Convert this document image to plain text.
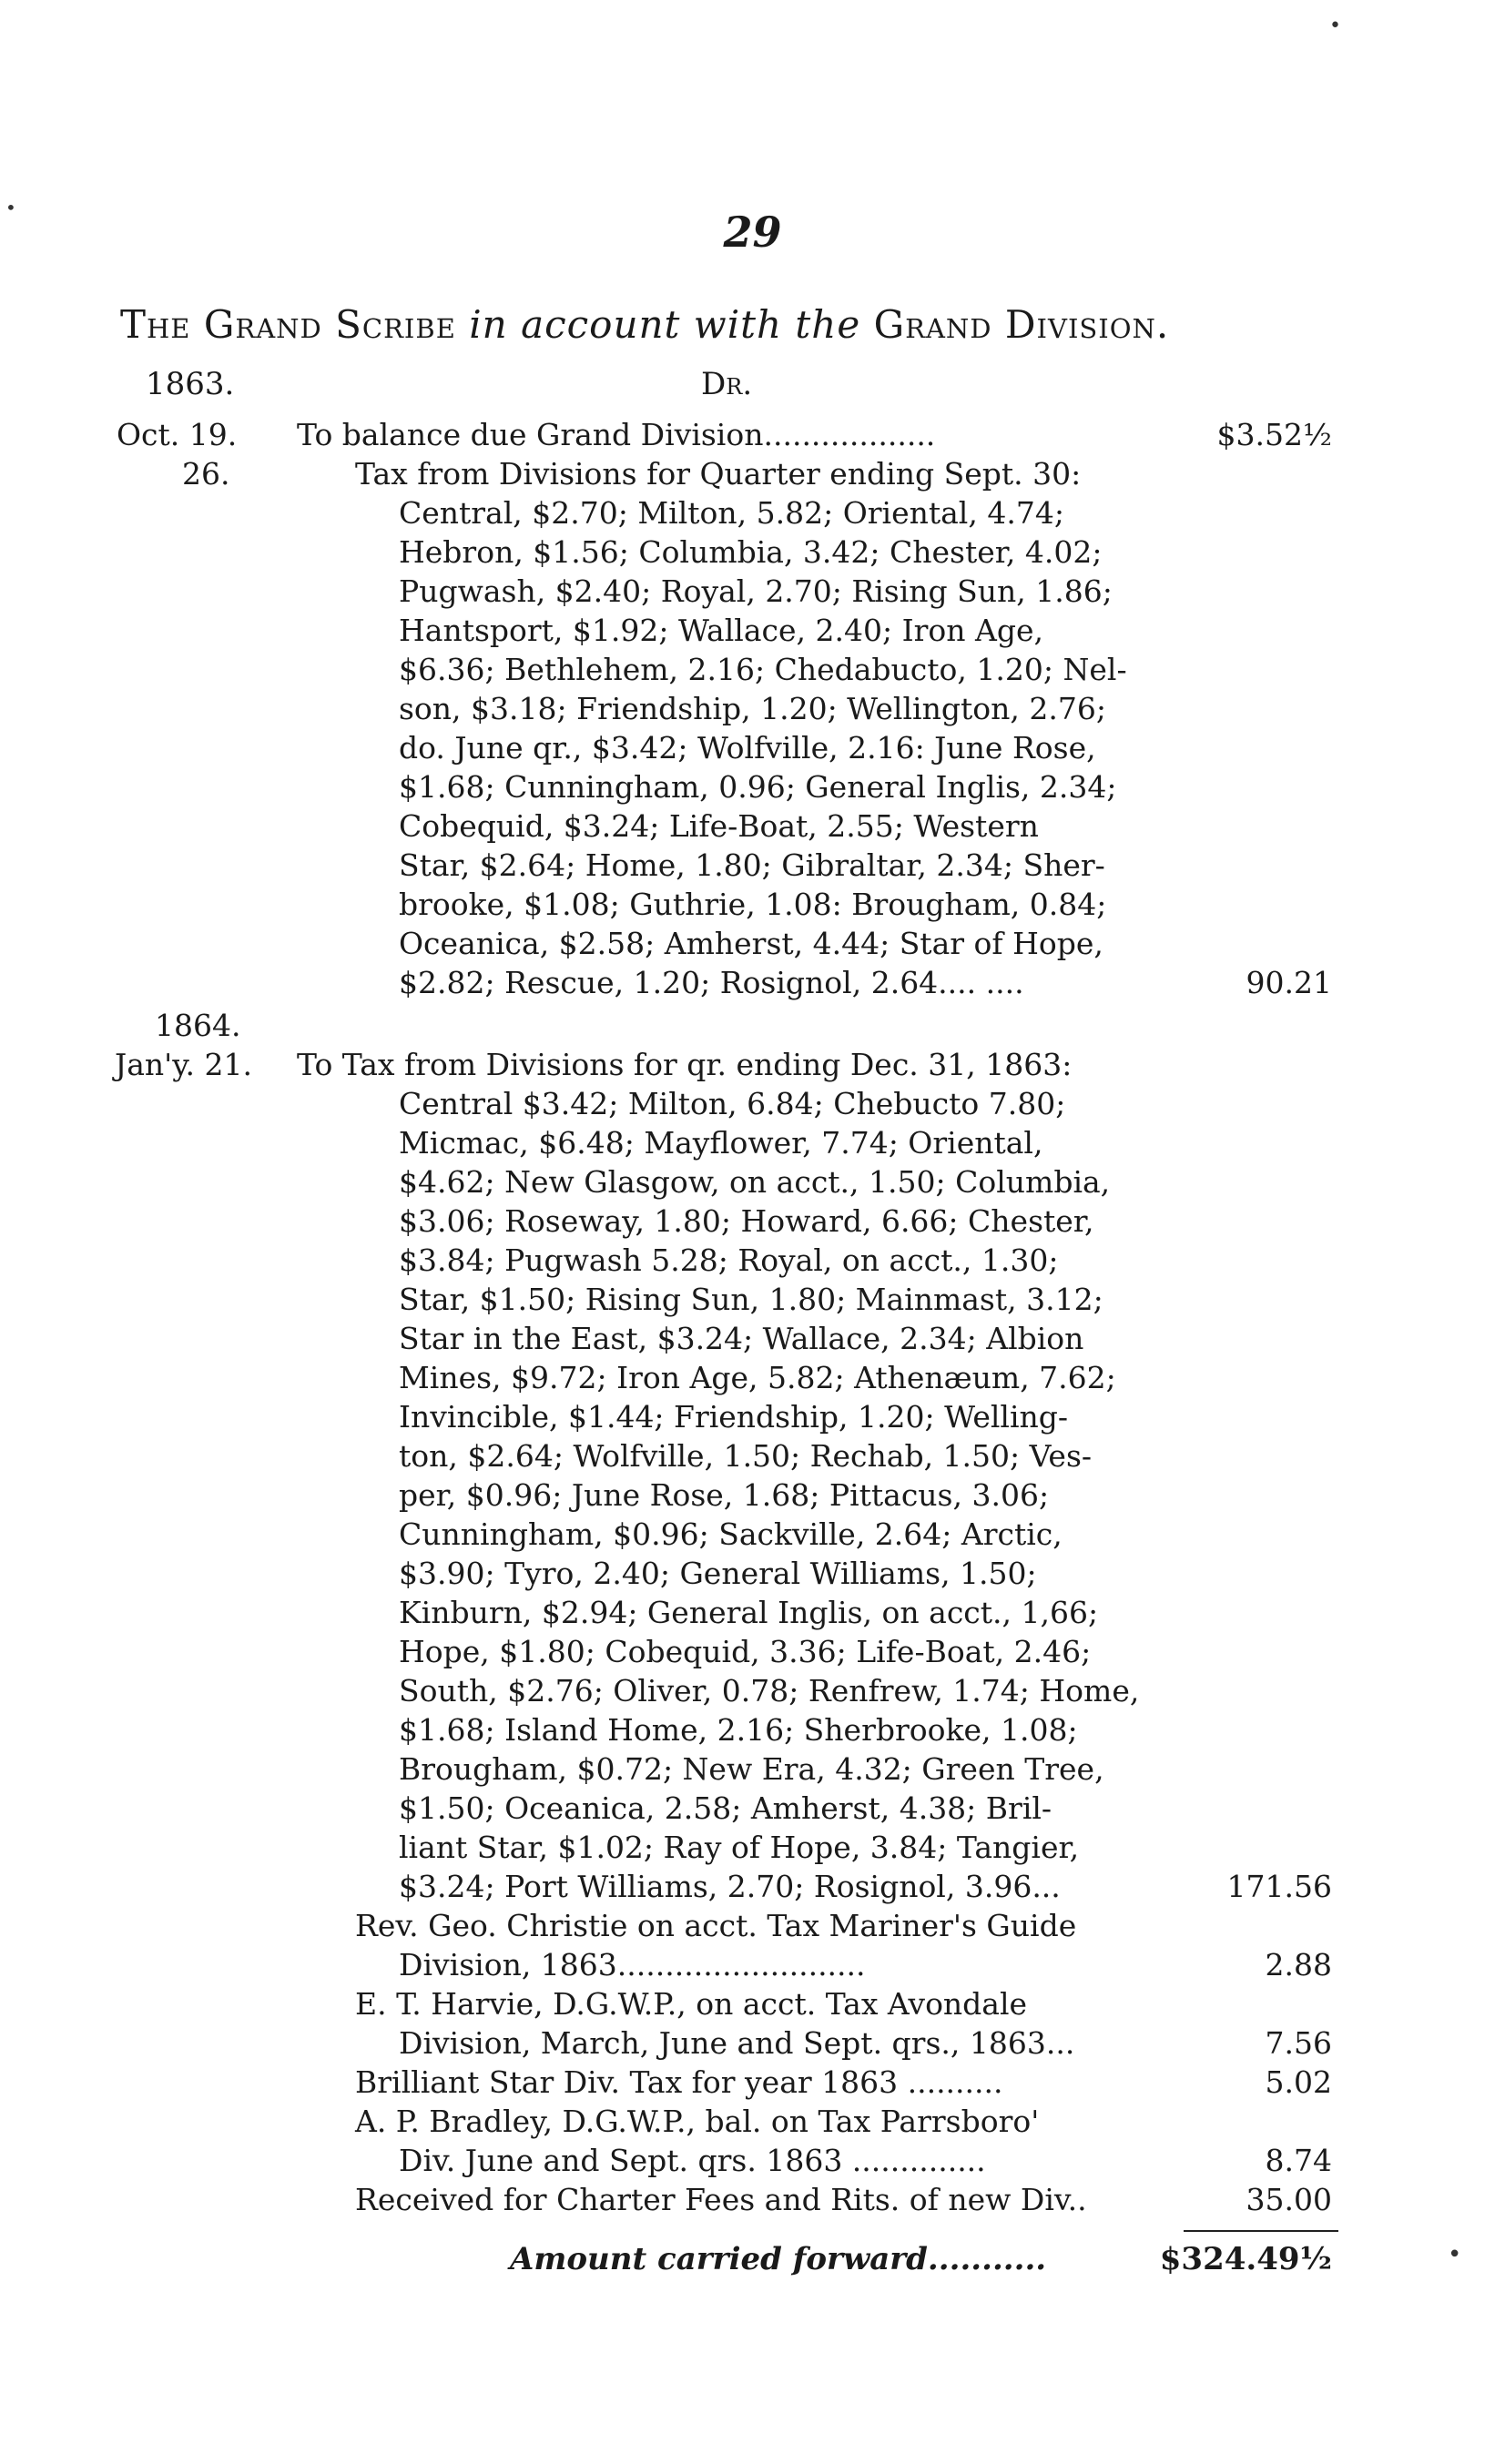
•
•	29
The Grand Scribe in account with the Grand Division.
1863.	Dr.
Oct. 19. To balance due Grand Division..................	$3.52½
26.	Tax from Divisions for Quarter ending Sept. 30:
Central, $2.70; Milton, 5.82; Oriental, 4.74;
Hebron, $1.56; Columbia, 3.42; Chester, 4.02;
Pugwash, $2.40; Royal, 2.70; Rising Sun, 1.86;
Hantsport, $1.92; Wallace, 2.40; Iron Age,
$6.36; Bethlehem, 2.16; Chedabucto, 1.20; Nel-
son, $3.18; Friendship, 1.20; Wellington, 2.76;
do. June qr., $3.42; Wolfville, 2.16: June Rose,
$1.68; Cunningham, 0.96; General Inglis, 2.34;
Cobequid, $3.24; Life-Boat, 2.55; Western
Star, $2.64; Home, 1.80; Gibraltar, 2.34; Sher-
brooke, $1.08; Guthrie, 1.08: Brougham, 0.84;
Oceanica, $2.58; Amherst, 4.44; Star of Hope,
$2.82; Rescue, 1.20; Rosignol, 2.64.... ....	90.21
1864.
Jan'y. 21. To Tax from Divisions for qr. ending Dec. 31, 1863:
Central $3.42; Milton, 6.84; Chebucto 7.80;
Micmac, $6.48; Mayflower, 7.74; Oriental,
$4.62; New Glasgow, on acct., 1.50; Columbia,
$3.06; Roseway, 1.80; Howard, 6.66; Chester,
$3.84; Pugwash 5.28; Royal, on acct., 1.30;
Star, $1.50; Rising Sun, 1.80; Mainmast, 3.12;
Star in the East, $3.24; Wallace, 2.34; Albion
Mines, $9.72; Iron Age, 5.82; Athenæum, 7.62;
Invincible, $1.44; Friendship, 1.20; Welling-
ton, $2.64; Wolfville, 1.50; Rechab, 1.50; Ves-
per, $0.96; June Rose, 1.68; Pittacus, 3.06;
Cunningham, $0.96; Sackville, 2.64; Arctic,
$3.90; Tyro, 2.40; General Williams, 1.50;
Kinburn, $2.94; General Inglis, on acct., 1,66;
Hope, $1.80; Cobequid, 3.36; Life-Boat, 2.46;
South, $2.76; Oliver, 0.78; Renfrew, 1.74; Home,
$1.68; Island Home, 2.16; Sherbrooke, 1.08;
Brougham, $0.72; New Era, 4.32; Green Tree,
$1.50; Oceanica, 2.58; Amherst, 4.38; Bril-
liant Star, $1.02; Ray of Hope, 3.84; Tangier,
$3.24; Port Williams, 2.70; Rosignol, 3.96...	171.56
Rev. Geo. Christie on acct. Tax Mariner's Guide
Division, 1863..........................	2.88
E. T. Harvie, D.G.W.P., on acct. Tax Avondale
Division, March, June and Sept. qrs., 1863...	7.56
Brilliant Star Div. Tax for year 1863 ..........	5.02
A. P. Bradley, D.G.W.P., bal. on Tax Parrsboro'
Div. June and Sept. qrs. 1863 ..............	8.74
Received for Charter Fees and Rits. of new Div..	35.00
Amount carried forward...........	$324.49½	•
